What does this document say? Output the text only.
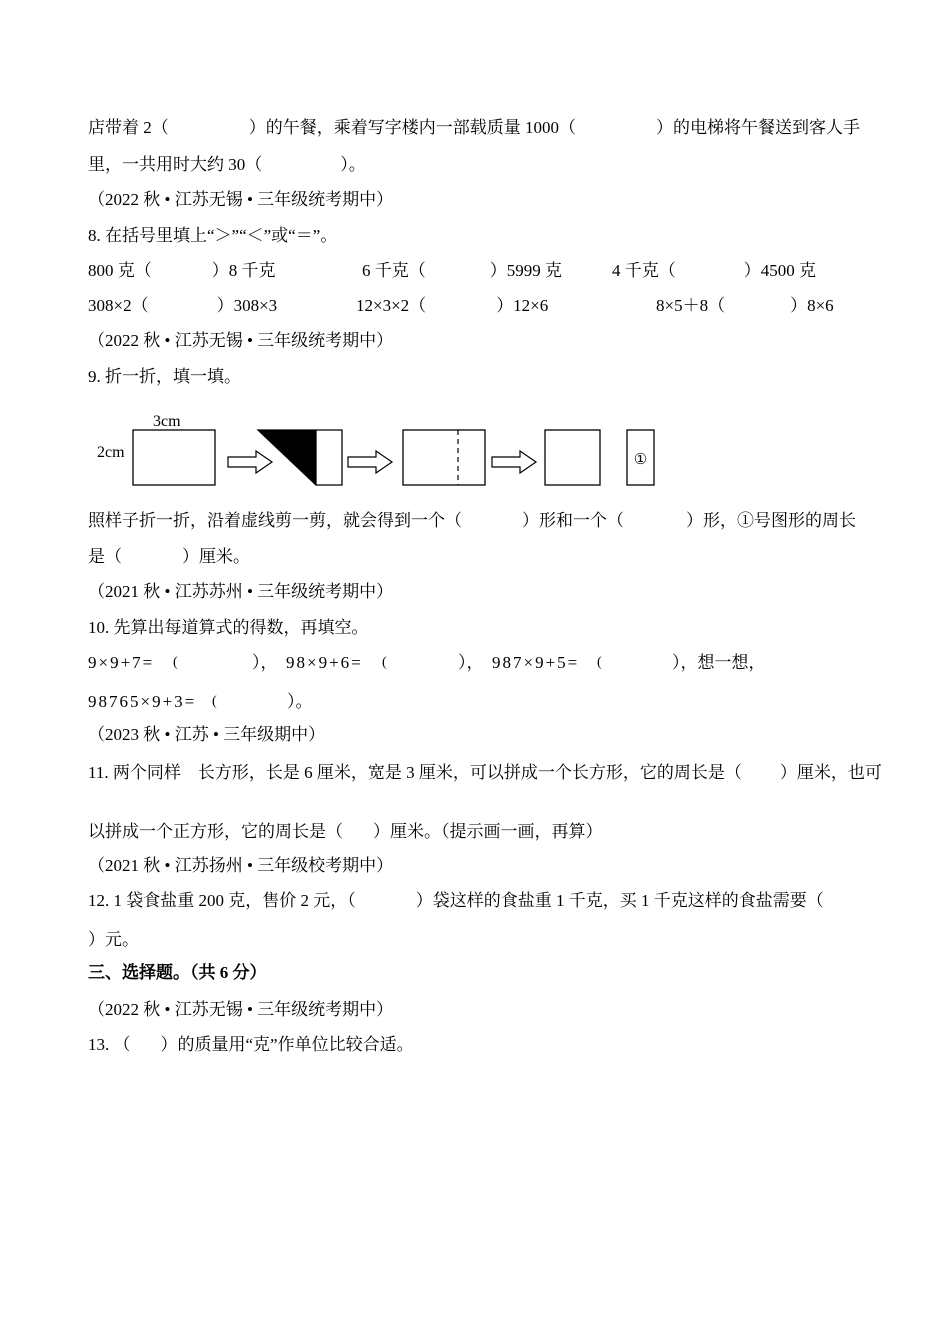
店带着 2（	）的午餐，乘着写字楼内一部载质量 1000（	）的电梯将午餐送到客人手
里，一共用时大约 30（	）。
（2022 秋 • 江苏无锡 • 三年级统考期中）
8. 在括号里填上“＞”“＜”或“＝”。
800 克（	）8 千克	6 千克（	）5999 克	4 千克（	）4500 克
308×2（	）308×3	12×3×2（	）12×6	8×5＋8（	）8×6
（2022 秋 • 江苏无锡 • 三年级统考期中）
9. 折一折，填一填。
3cm
2cm	①
照样子折一折，沿着虚线剪一剪，就会得到一个（	）形和一个（	）形，①号图形的周长
是（	）厘米。
（2021 秋 • 江苏苏州 • 三年级统考期中）
10. 先算出每道算式的得数，再填空。
9×9+7= (	）， 98×9+6= (	）， 987×9+5= (	），想一想，
98765×9+3= (	）。
（2023 秋 • 江苏 • 三年级期中）
11. 两个同样　长方形，长是 6 厘米，宽是 3 厘米，可以拼成一个长方形，它的周长是（ ）厘米，也可
以拼成一个正方形，它的周长是（ ）厘米。（提示画一画，再算）
（2021 秋 • 江苏扬州 • 三年级校考期中）
12. 1 袋食盐重 200 克，售价 2 元，（	）袋这样的食盐重 1 千克，买 1 千克这样的食盐需要（
）元。
三、选择题。（共 6 分）
（2022 秋 • 江苏无锡 • 三年级统考期中）
13. （ ）的质量用“克”作单位比较合适。
